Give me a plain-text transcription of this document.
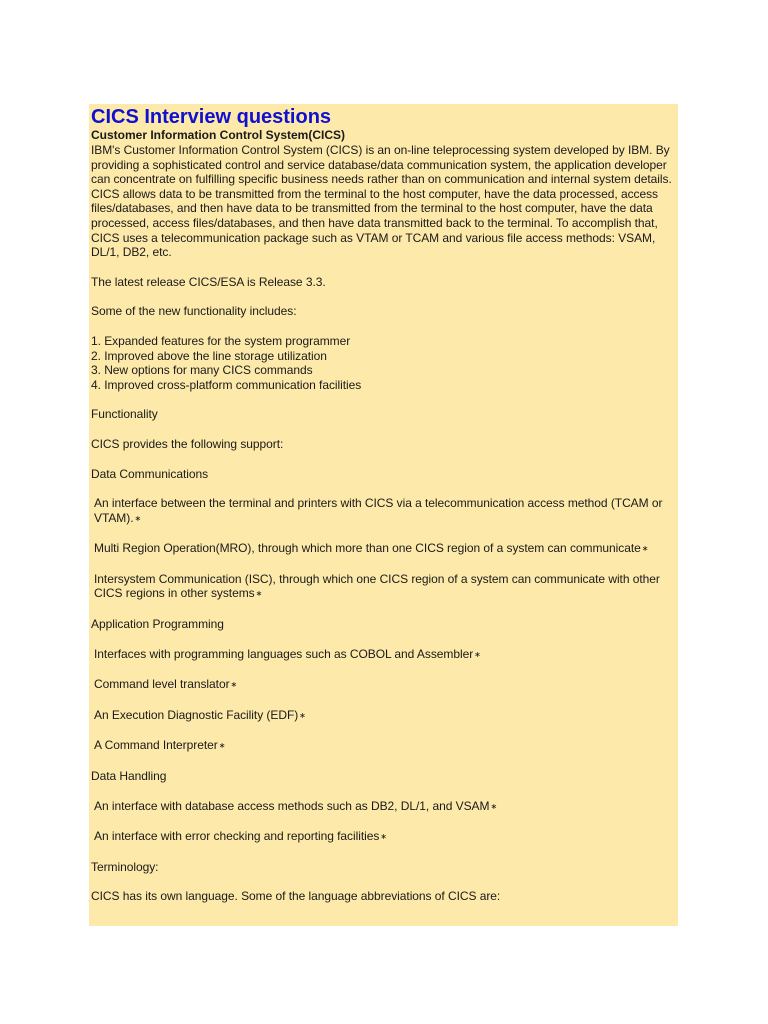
CICS Interview questions

Customer Information Control System(CICS)

IBM's Customer Information Control System (CICS) is an on-line teleprocessing system developed by IBM. By providing a sophisticated control and service database/data communication system, the application developer can concentrate on fulfilling specific business needs rather than on communication and internal system details.

CICS allows data to be transmitted from the terminal to the host computer, have the data processed, access files/databases, and then have data to be transmitted from the terminal to the host computer, have the data processed, access files/databases, and then have data transmitted back to the terminal. To accomplish that, CICS uses a telecommunication package such as VTAM or TCAM and various file access methods: VSAM, DL/1, DB2, etc.

The latest release CICS/ESA is Release 3.3.

Some of the new functionality includes:

1. Expanded features for the system programmer

2. Improved above the line storage utilization

3. New options for many CICS commands

4. Improved cross-platform communication facilities

Functionality

CICS provides the following support:

Data Communications

An interface between the terminal and printers with CICS via a telecommunication access method (TCAM or VTAM).∗

Multi Region Operation(MRO), through which more than one CICS region of a system can communicate∗

Intersystem Communication (ISC), through which one CICS region of a system can communicate with other CICS regions in other systems∗

Application Programming

Interfaces with programming languages such as COBOL and Assembler∗

Command level translator∗

An Execution Diagnostic Facility (EDF)∗

A Command Interpreter∗

Data Handling

An interface with database access methods such as DB2, DL/1, and VSAM∗

An interface with error checking and reporting facilities∗

Terminology:

CICS has its own language. Some of the language abbreviations of CICS are:
